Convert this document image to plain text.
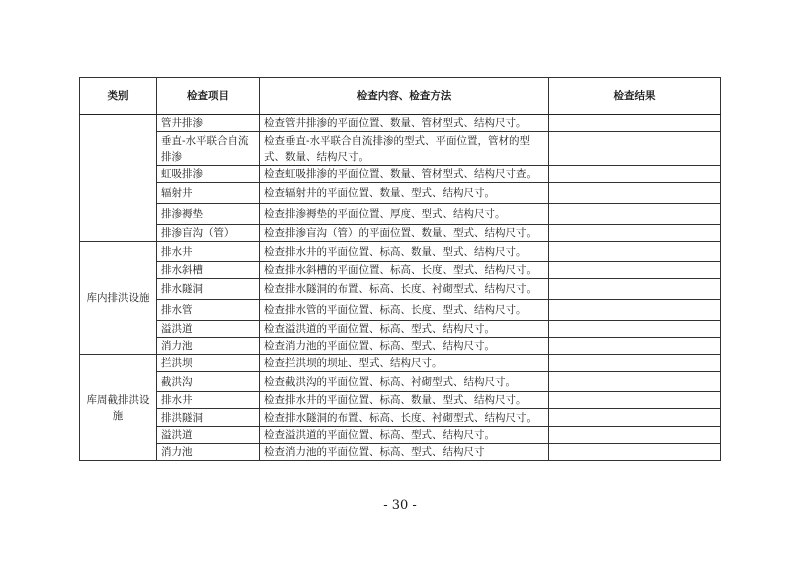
类别	检查项目	检查内容、检查方法	检查结果
	管井排渗	检查管井排渗的平面位置、数量、管材型式、结构尺寸。	
	垂直-水平联合自流排渗	检查垂直-水平联合自流排渗的型式、平面位置，管材的型式、数量、结构尺寸。	
	虹吸排渗	检查虹吸排渗的平面位置、数量、管材型式、结构尺寸查。	
	辐射井	检查辐射井的平面位置、数量、型式、结构尺寸。	
	排渗褥垫	检查排渗褥垫的平面位置、厚度、型式、结构尺寸。	
	排渗盲沟（管）	检查排渗盲沟（管）的平面位置、数量、型式、结构尺寸。	
库内排洪设施	排水井	检查排水井的平面位置、标高、数量、型式、结构尺寸。	
	排水斜槽	检查排水斜槽的平面位置、标高、长度、型式、结构尺寸。	
	排水隧洞	检查排水隧洞的布置、标高、长度、衬砌型式、结构尺寸。	
	排水管	检查排水管的平面位置、标高、长度、型式、结构尺寸。	
	溢洪道	检查溢洪道的平面位置、标高、型式、结构尺寸。	
	消力池	检查消力池的平面位置、标高、型式、结构尺寸。	
库周截排洪设施	拦洪坝	检查拦洪坝的坝址、型式、结构尺寸。	
	截洪沟	检查截洪沟的平面位置、标高、衬砌型式、结构尺寸。	
	排水井	检查排水井的平面位置、标高、数量、型式、结构尺寸。	
	排洪隧洞	检查排水隧洞的布置、标高、长度、衬砌型式、结构尺寸。	
	溢洪道	检查溢洪道的平面位置、标高、型式、结构尺寸。	
	消力池	检查消力池的平面位置、标高、型式、结构尺寸	
- 30 -
